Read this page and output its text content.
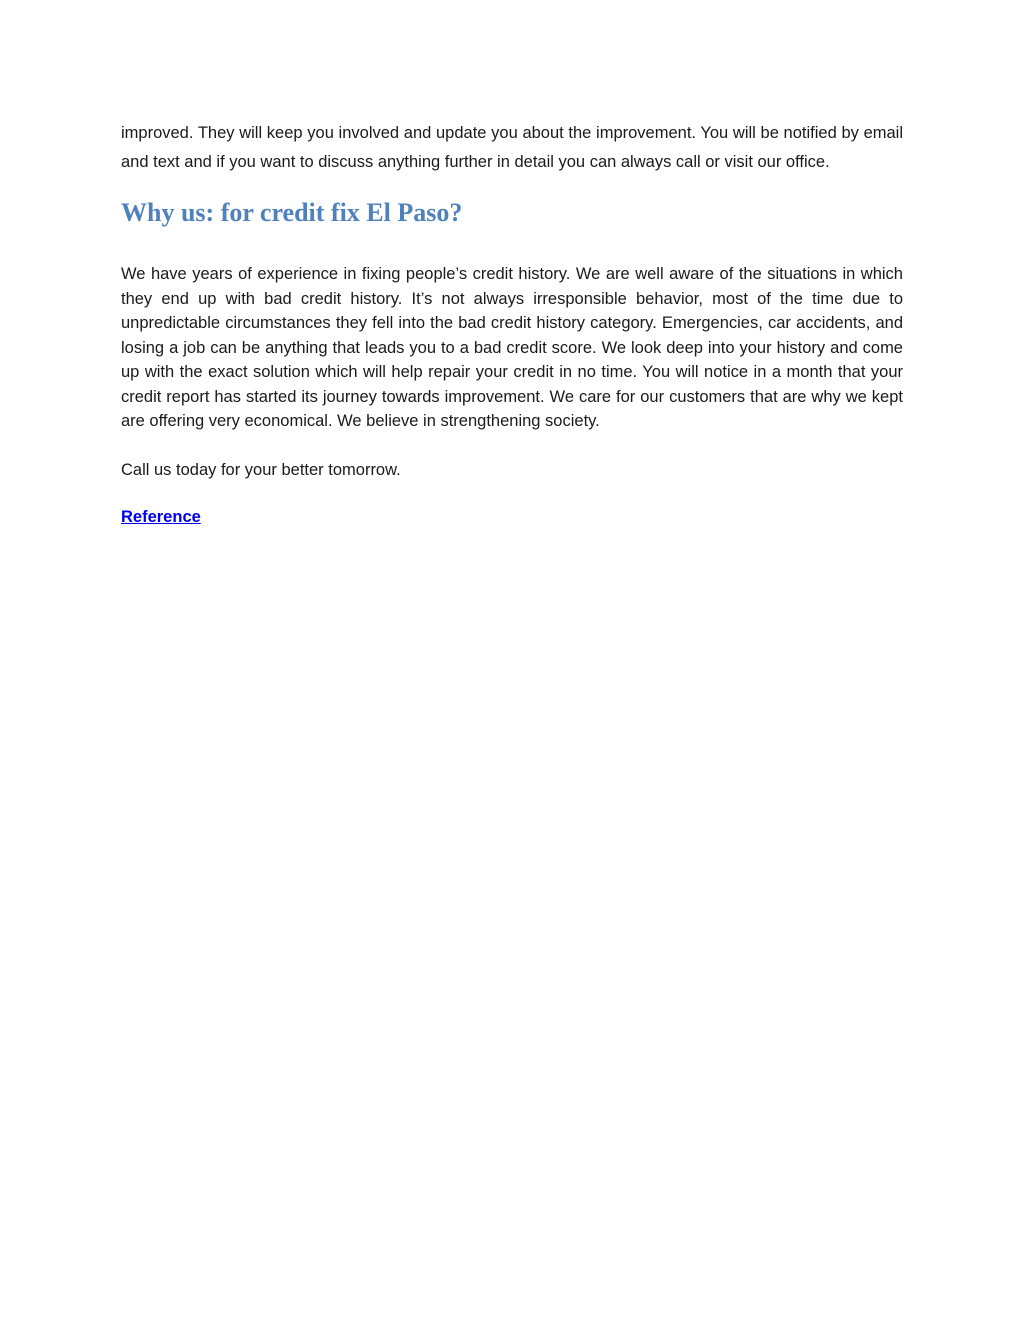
improved. They will keep you involved and update you about the improvement. You will be notified by email and text and if you want to discuss anything further in detail you can always call or visit our office.

Why us: for credit fix El Paso?

We have years of experience in fixing people’s credit history. We are well aware of the situations in which they end up with bad credit history. It’s not always irresponsible behavior, most of the time due to unpredictable circumstances they fell into the bad credit history category. Emergencies, car accidents, and losing a job can be anything that leads you to a bad credit score. We look deep into your history and come up with the exact solution which will help repair your credit in no time. You will notice in a month that your credit report has started its journey towards improvement. We care for our customers that are why we kept are offering very economical. We believe in strengthening society.

Call us today for your better tomorrow.

Reference
